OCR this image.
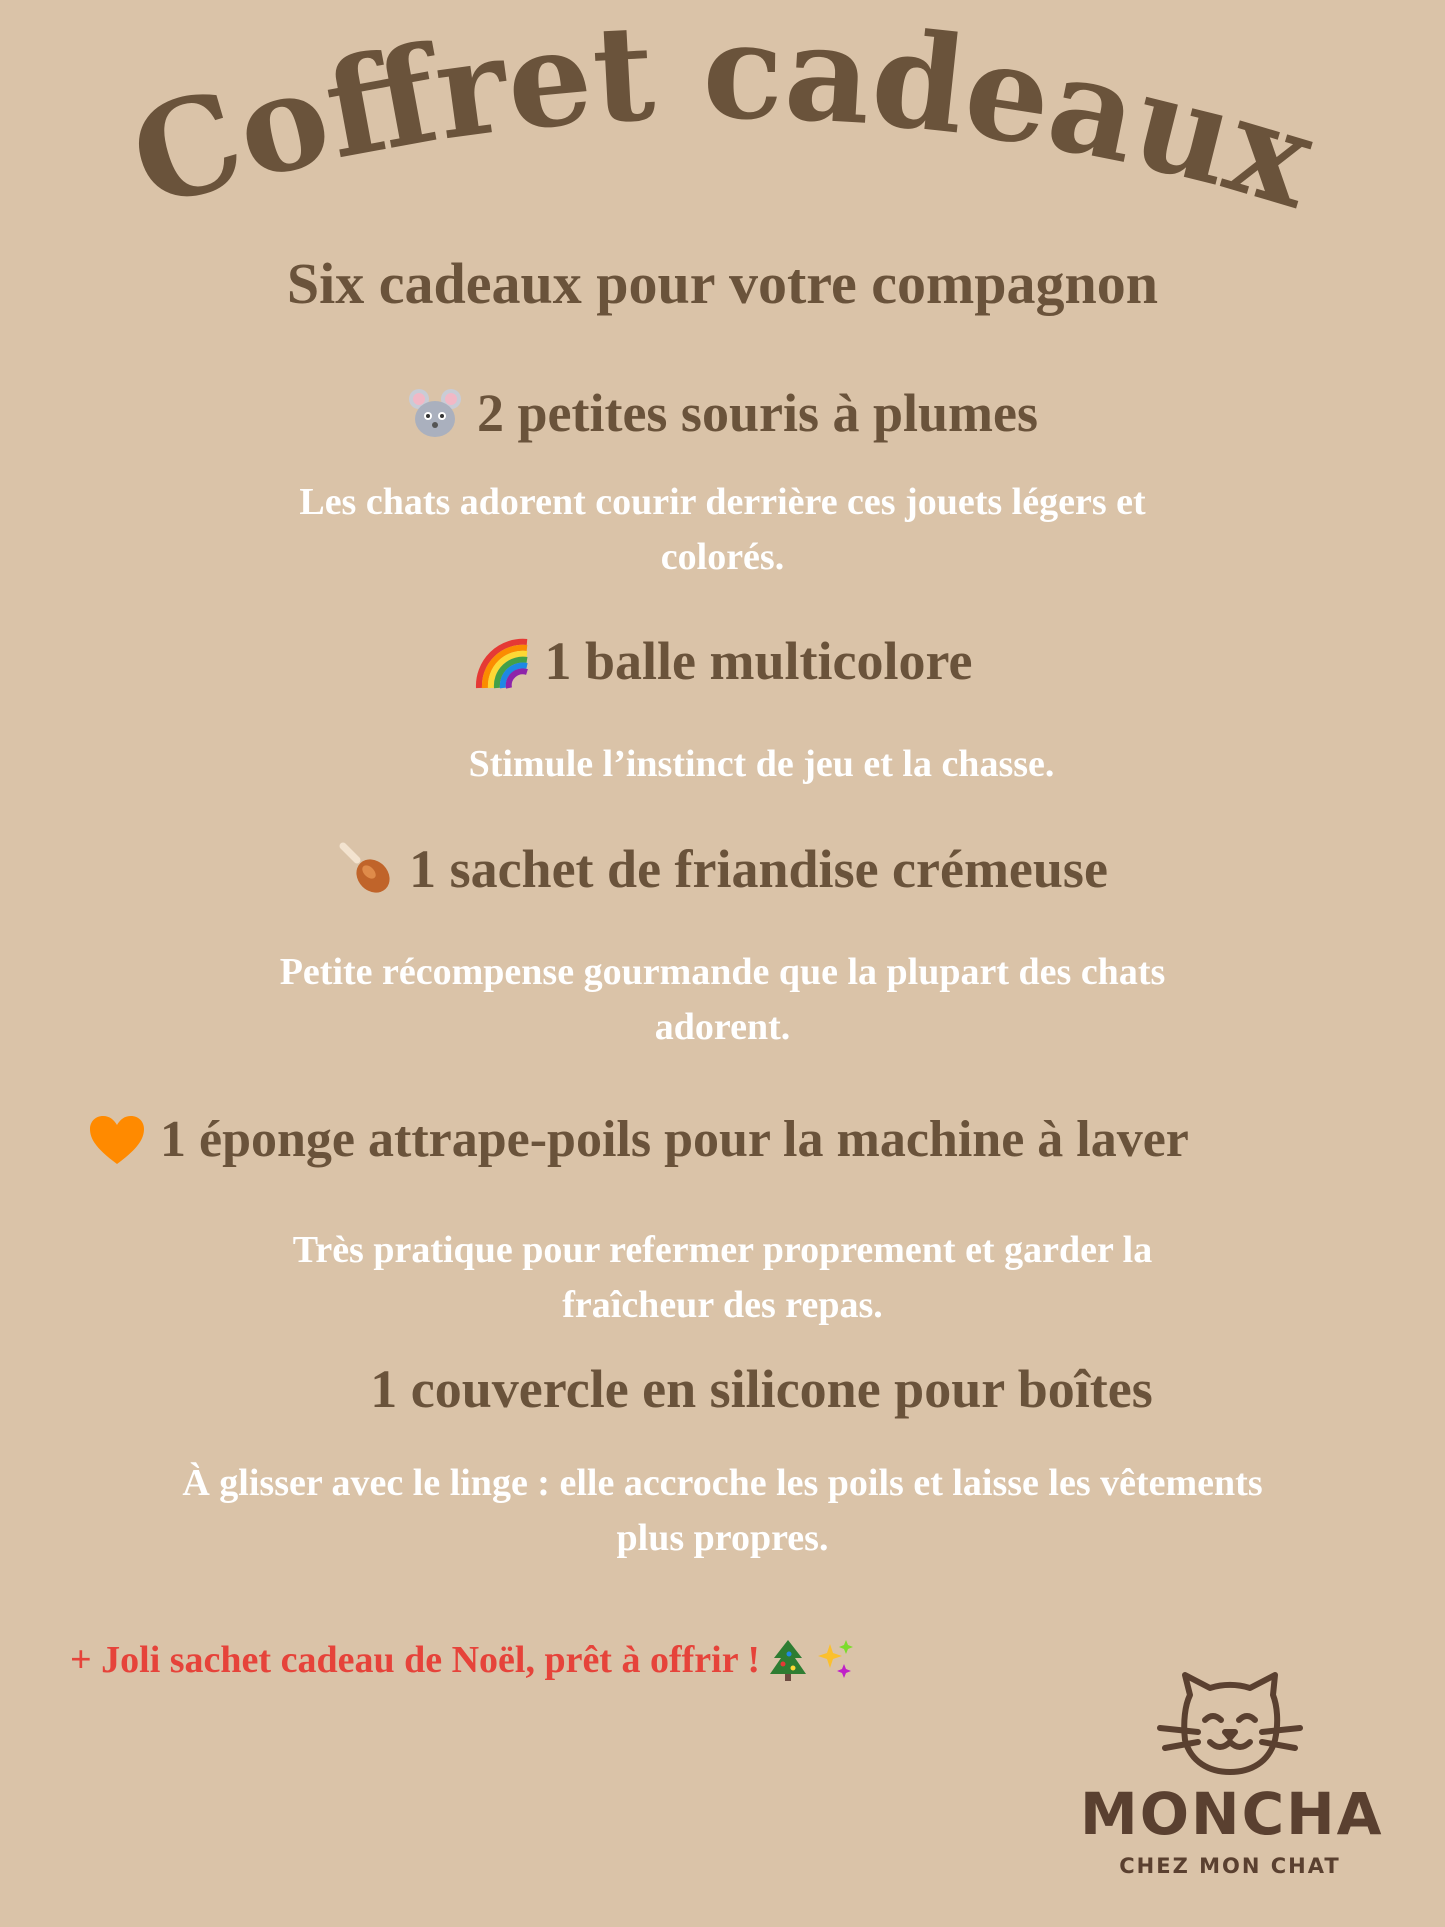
Coffret cadeaux
Six cadeaux pour votre compagnon
2 petites souris à plumes
Les chats adorent courir derrière ces jouets légers et
colorés.
1 balle multicolore
Stimule l’instinct de jeu et la chasse.
1 sachet de friandise crémeuse
Petite récompense gourmande que la plupart des chats
adorent.
1 éponge attrape-poils pour la machine à laver
Très pratique pour refermer proprement et garder la
fraîcheur des repas.
1 couvercle en silicone pour boîtes
À glisser avec le linge : elle accroche les poils et laisse les vêtements
plus propres.
+ Joli sachet cadeau de Noël, prêt à offrir !
MONCHA
CHEZ MON CHAT
